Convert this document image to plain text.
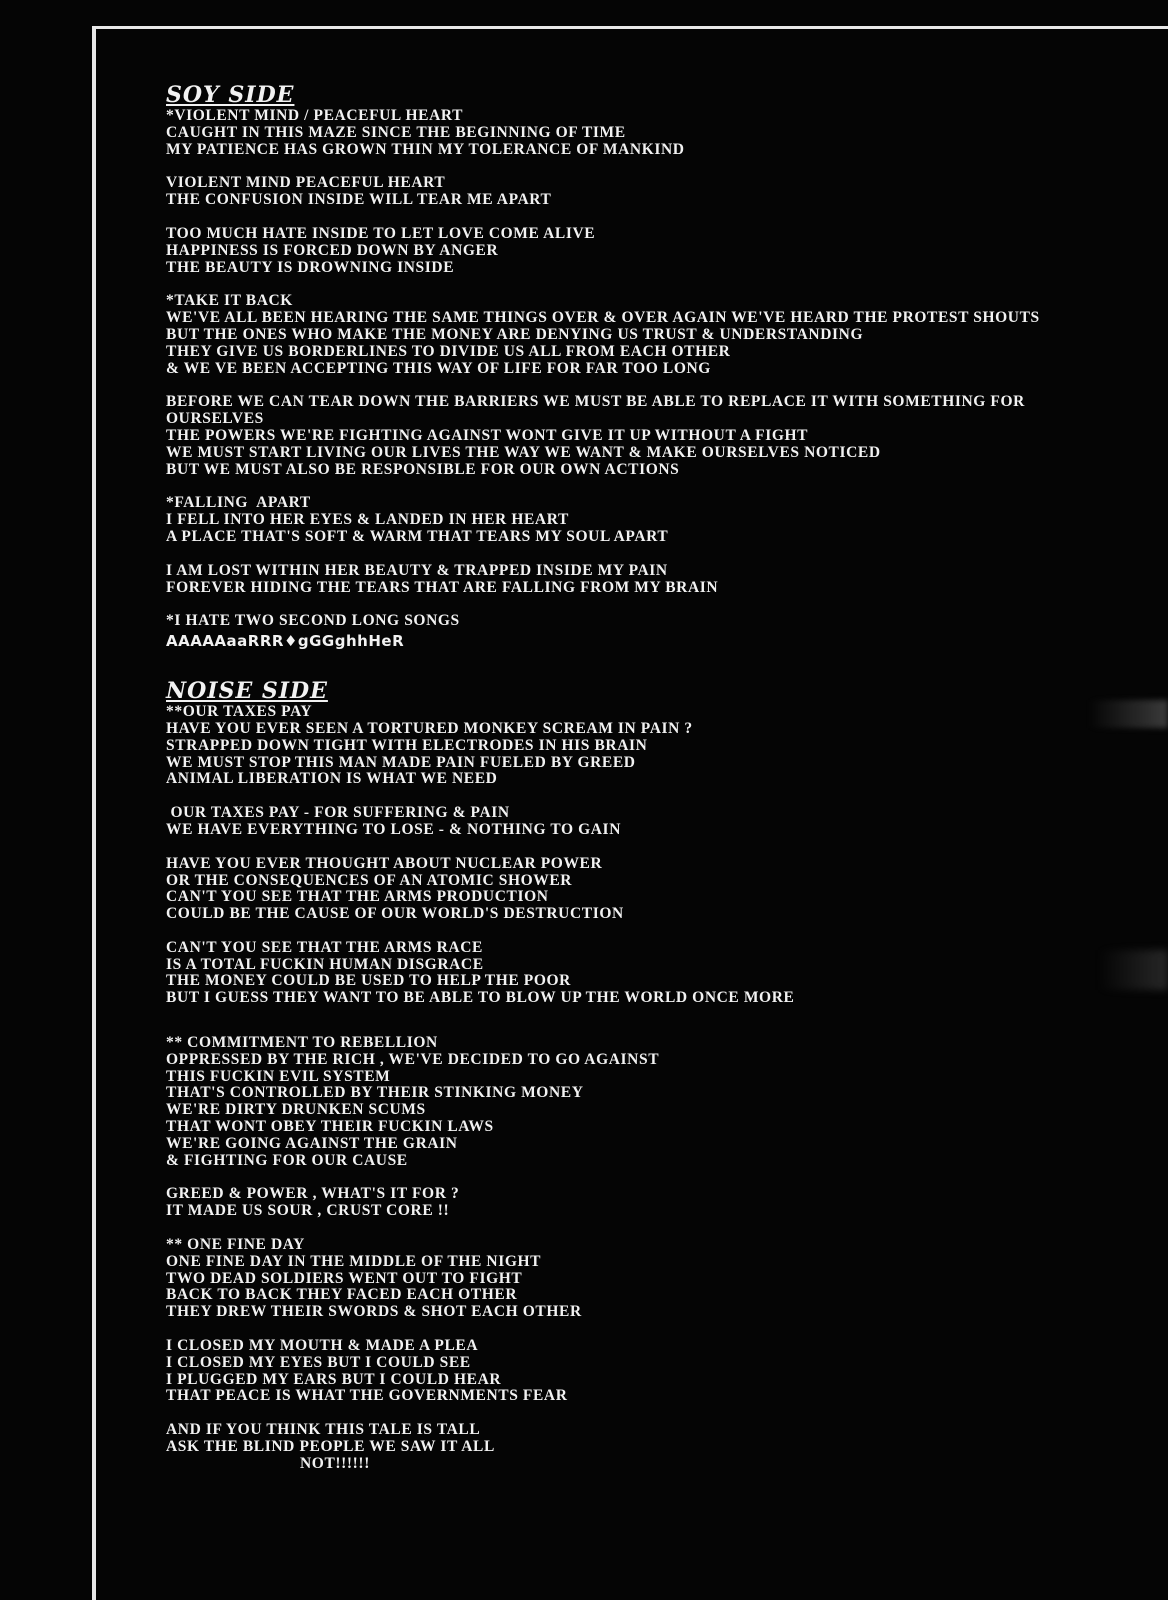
SOY SIDE
*VIOLENT MIND / PEACEFUL HEART
CAUGHT IN THIS MAZE SINCE THE BEGINNING OF TIME
MY PATIENCE HAS GROWN THIN MY TOLERANCE OF MANKIND
VIOLENT MIND PEACEFUL HEART
THE CONFUSION INSIDE WILL TEAR ME APART
TOO MUCH HATE INSIDE TO LET LOVE COME ALIVE
HAPPINESS IS FORCED DOWN BY ANGER
THE BEAUTY IS DROWNING INSIDE
*TAKE IT BACK
WE'VE ALL BEEN HEARING THE SAME THINGS OVER & OVER AGAIN WE'VE HEARD THE PROTEST SHOUTS
BUT THE ONES WHO MAKE THE MONEY ARE DENYING US TRUST & UNDERSTANDING
THEY GIVE US BORDERLINES TO DIVIDE US ALL FROM EACH OTHER
& WE VE BEEN ACCEPTING THIS WAY OF LIFE FOR FAR TOO LONG
BEFORE WE CAN TEAR DOWN THE BARRIERS WE MUST BE ABLE TO REPLACE IT WITH SOMETHING FOR
OURSELVES
THE POWERS WE'RE FIGHTING AGAINST WONT GIVE IT UP WITHOUT A FIGHT
WE MUST START LIVING OUR LIVES THE WAY WE WANT & MAKE OURSELVES NOTICED
BUT WE MUST ALSO BE RESPONSIBLE FOR OUR OWN ACTIONS
*FALLING  APART
I FELL INTO HER EYES & LANDED IN HER HEART
A PLACE THAT'S SOFT & WARM THAT TEARS MY SOUL APART
I AM LOST WITHIN HER BEAUTY & TRAPPED INSIDE MY PAIN
FOREVER HIDING THE TEARS THAT ARE FALLING FROM MY BRAIN
*I HATE TWO SECOND LONG SONGS
AAAAAaaRRR♦gGGghhHeR
NOISE SIDE
**OUR TAXES PAY
HAVE YOU EVER SEEN A TORTURED MONKEY SCREAM IN PAIN ?
STRAPPED DOWN TIGHT WITH ELECTRODES IN HIS BRAIN
WE MUST STOP THIS MAN MADE PAIN FUELED BY GREED
ANIMAL LIBERATION IS WHAT WE NEED
OUR TAXES PAY - FOR SUFFERING & PAIN
WE HAVE EVERYTHING TO LOSE - & NOTHING TO GAIN
HAVE YOU EVER THOUGHT ABOUT NUCLEAR POWER
OR THE CONSEQUENCES OF AN ATOMIC SHOWER
CAN'T YOU SEE THAT THE ARMS PRODUCTION
COULD BE THE CAUSE OF OUR WORLD'S DESTRUCTION
CAN'T YOU SEE THAT THE ARMS RACE
IS A TOTAL FUCKIN HUMAN DISGRACE
THE MONEY COULD BE USED TO HELP THE POOR
BUT I GUESS THEY WANT TO BE ABLE TO BLOW UP THE WORLD ONCE MORE
** COMMITMENT TO REBELLION
OPPRESSED BY THE RICH , WE'VE DECIDED TO GO AGAINST
THIS FUCKIN EVIL SYSTEM
THAT'S CONTROLLED BY THEIR STINKING MONEY
WE'RE DIRTY DRUNKEN SCUMS
THAT WONT OBEY THEIR FUCKIN LAWS
WE'RE GOING AGAINST THE GRAIN
& FIGHTING FOR OUR CAUSE
GREED & POWER , WHAT'S IT FOR ?
IT MADE US SOUR , CRUST CORE !!
** ONE FINE DAY
ONE FINE DAY IN THE MIDDLE OF THE NIGHT
TWO DEAD SOLDIERS WENT OUT TO FIGHT
BACK TO BACK THEY FACED EACH OTHER
THEY DREW THEIR SWORDS & SHOT EACH OTHER
I CLOSED MY MOUTH & MADE A PLEA
I CLOSED MY EYES BUT I COULD SEE
I PLUGGED MY EARS BUT I COULD HEAR
THAT PEACE IS WHAT THE GOVERNMENTS FEAR
AND IF YOU THINK THIS TALE IS TALL
ASK THE BLIND PEOPLE WE SAW IT ALL
NOT!!!!!!
